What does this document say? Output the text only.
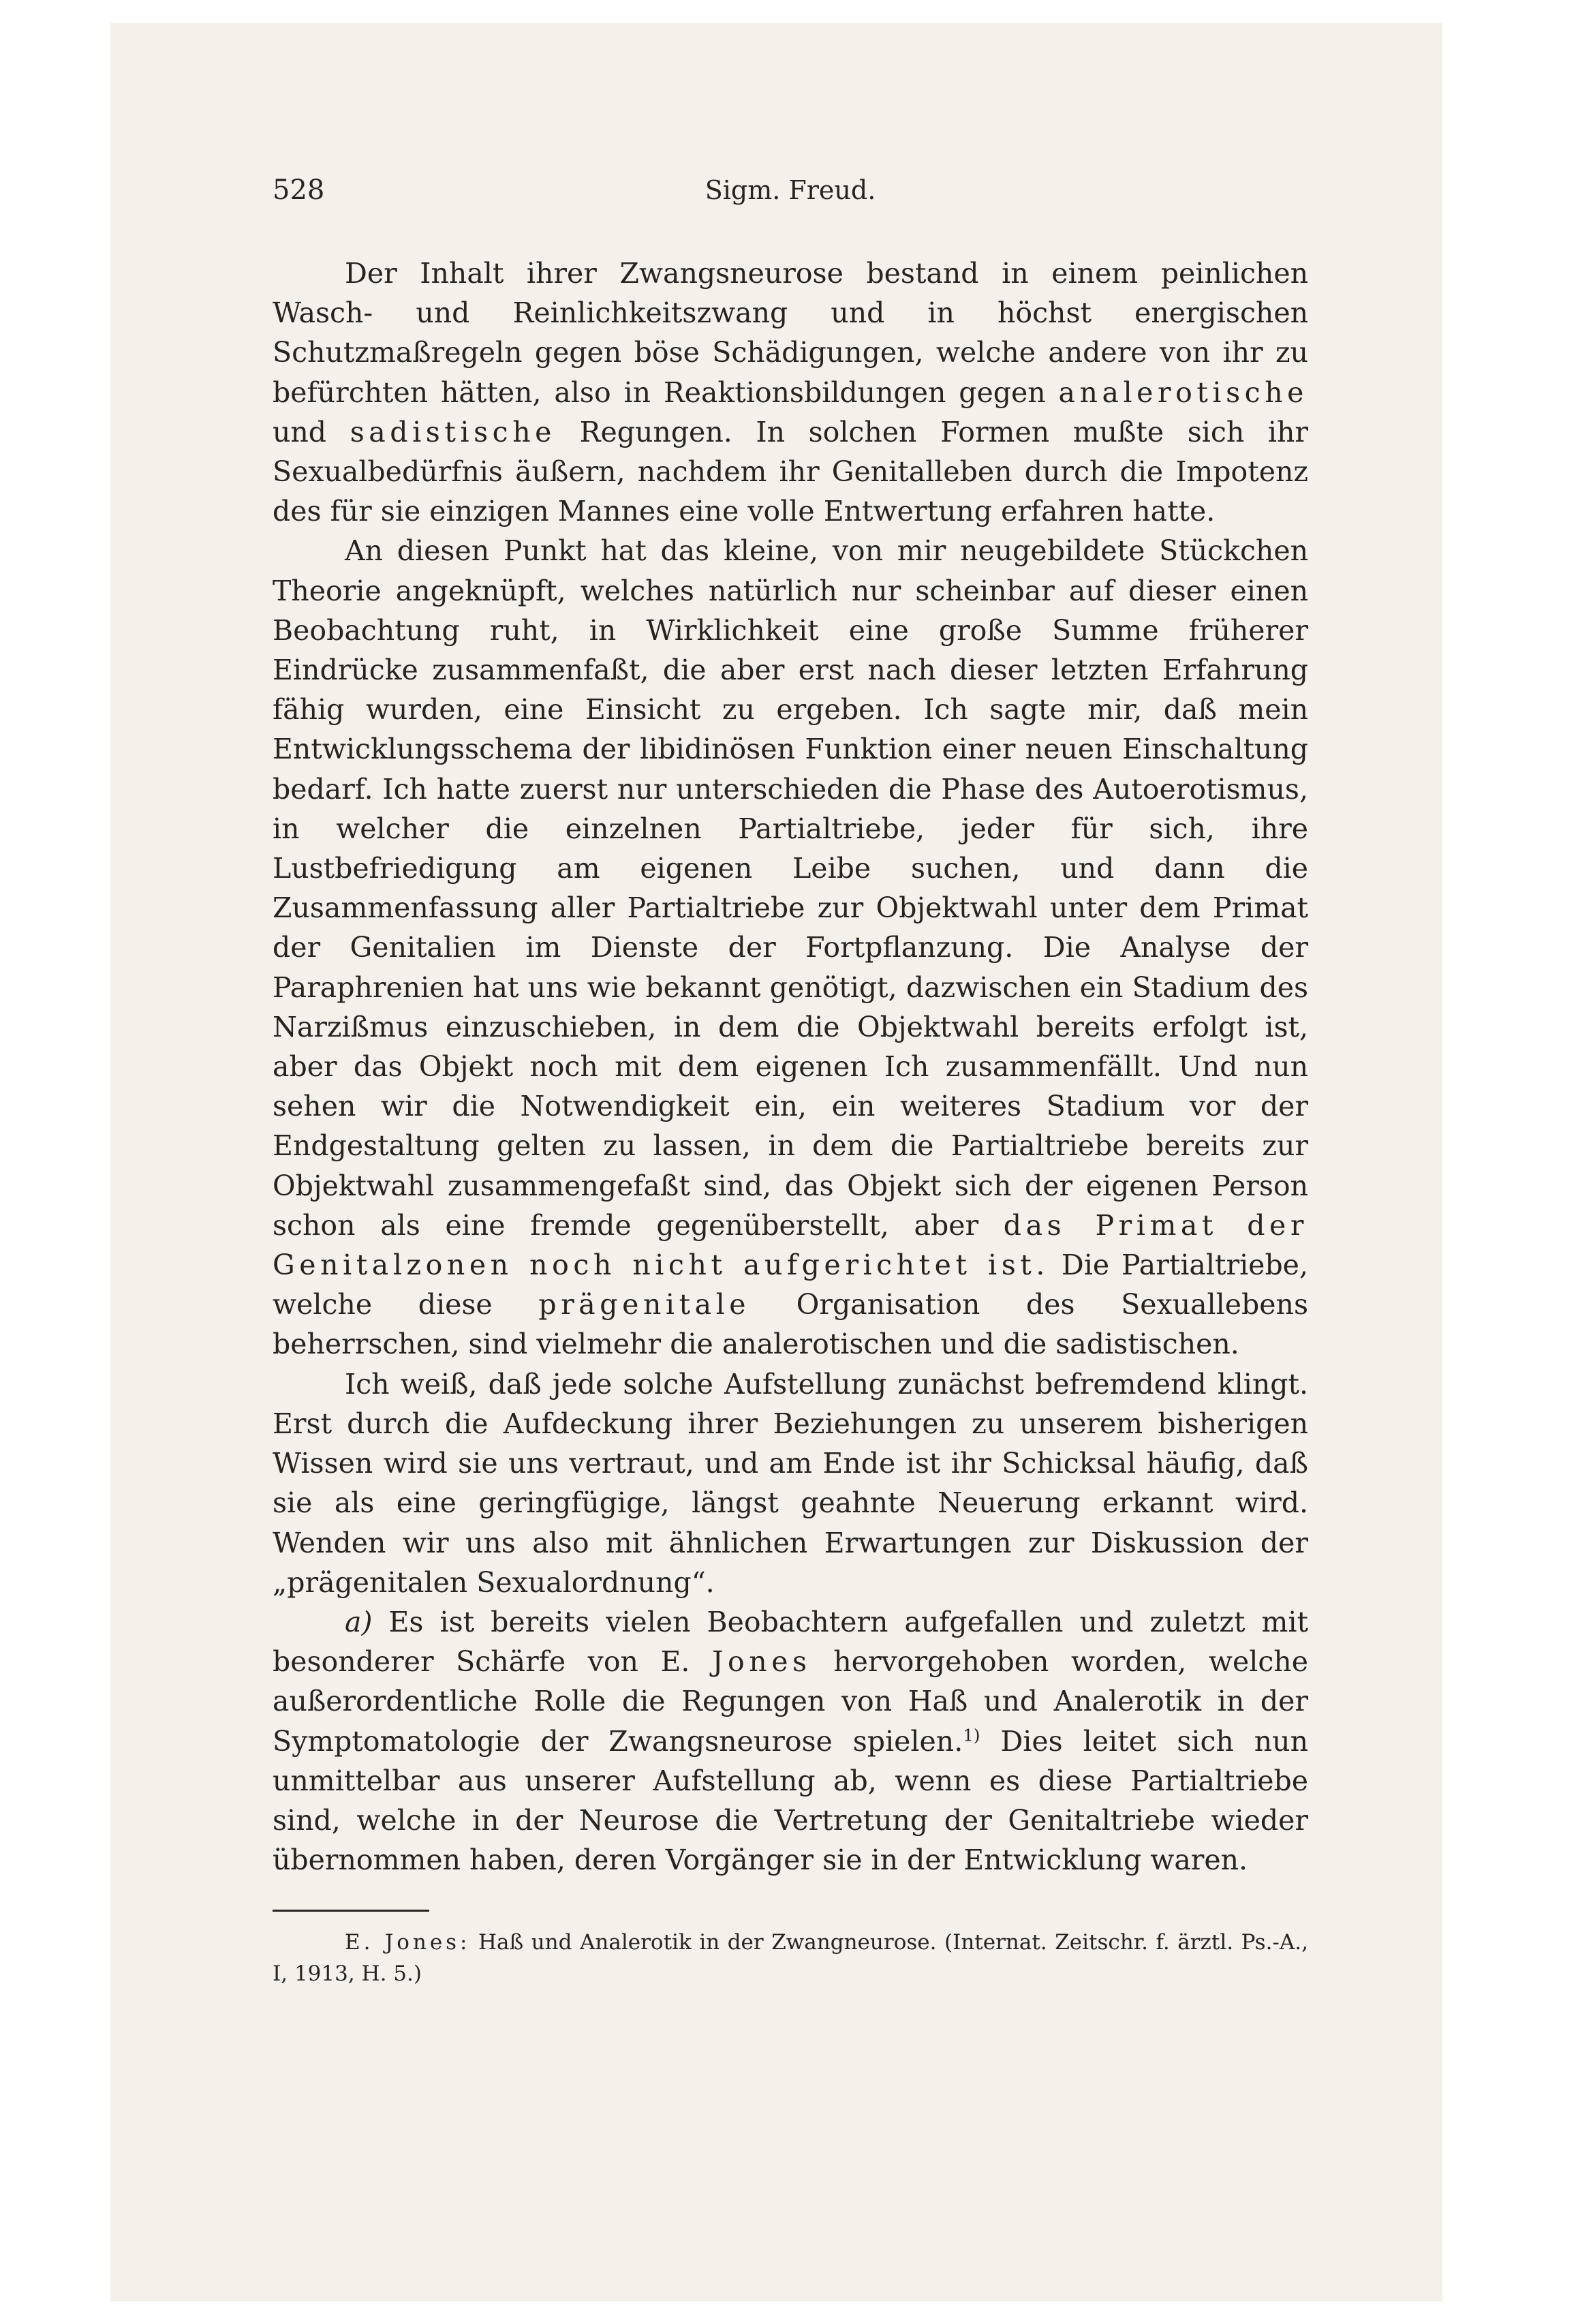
528	Sigm. Freud.

Der Inhalt ihrer Zwangsneurose bestand in einem peinlichen Wasch- und Reinlichkeitszwang und in höchst energischen Schutzmaßregeln gegen böse Schädigungen, welche andere von ihr zu befürchten hätten, also in Reaktionsbildungen gegen analerotische und sadistische Regungen. In solchen Formen mußte sich ihr Sexualbedürfnis äußern, nachdem ihr Genitalleben durch die Impotenz des für sie einzigen Mannes eine volle Entwertung erfahren hatte.

An diesen Punkt hat das kleine, von mir neugebildete Stückchen Theorie angeknüpft, welches natürlich nur scheinbar auf dieser einen Beobachtung ruht, in Wirklichkeit eine große Summe früherer Eindrücke zusammenfaßt, die aber erst nach dieser letzten Erfahrung fähig wurden, eine Einsicht zu ergeben. Ich sagte mir, daß mein Entwicklungsschema der libidinösen Funktion einer neuen Einschaltung bedarf. Ich hatte zuerst nur unterschieden die Phase des Autoerotismus, in welcher die einzelnen Partialtriebe, jeder für sich, ihre Lustbefriedigung am eigenen Leibe suchen, und dann die Zusammenfassung aller Partialtriebe zur Objektwahl unter dem Primat der Genitalien im Dienste der Fortpflanzung. Die Analyse der Paraphrenien hat uns wie bekannt genötigt, dazwischen ein Stadium des Narzißmus einzuschieben, in dem die Objektwahl bereits erfolgt ist, aber das Objekt noch mit dem eigenen Ich zusammenfällt. Und nun sehen wir die Notwendigkeit ein, ein weiteres Stadium vor der Endgestaltung gelten zu lassen, in dem die Partialtriebe bereits zur Objektwahl zusammengefaßt sind, das Objekt sich der eigenen Person schon als eine fremde gegenüberstellt, aber das Primat der Genitalzonen noch nicht aufgerichtet ist. Die Partialtriebe, welche diese prägenitale Organisation des Sexuallebens beherrschen, sind vielmehr die analerotischen und die sadistischen.

Ich weiß, daß jede solche Aufstellung zunächst befremdend klingt. Erst durch die Aufdeckung ihrer Beziehungen zu unserem bisherigen Wissen wird sie uns vertraut, und am Ende ist ihr Schicksal häufig, daß sie als eine geringfügige, längst geahnte Neuerung erkannt wird. Wenden wir uns also mit ähnlichen Erwartungen zur Diskussion der „prägenitalen Sexualordnung“.

a) Es ist bereits vielen Beobachtern aufgefallen und zuletzt mit besonderer Schärfe von E. Jones hervorgehoben worden, welche außerordentliche Rolle die Regungen von Haß und Analerotik in der Symptomatologie der Zwangsneurose spielen.$^{1)}$ Dies leitet sich nun unmittelbar aus unserer Aufstellung ab, wenn es diese Partialtriebe sind, welche in der Neurose die Vertretung der Genitaltriebe wieder übernommen haben, deren Vorgänger sie in der Entwicklung waren.

E. Jones: Haß und Analerotik in der Zwangneurose. (Internat. Zeitschr. f. ärztl. Ps.-A., I, 1913, H. 5.)
